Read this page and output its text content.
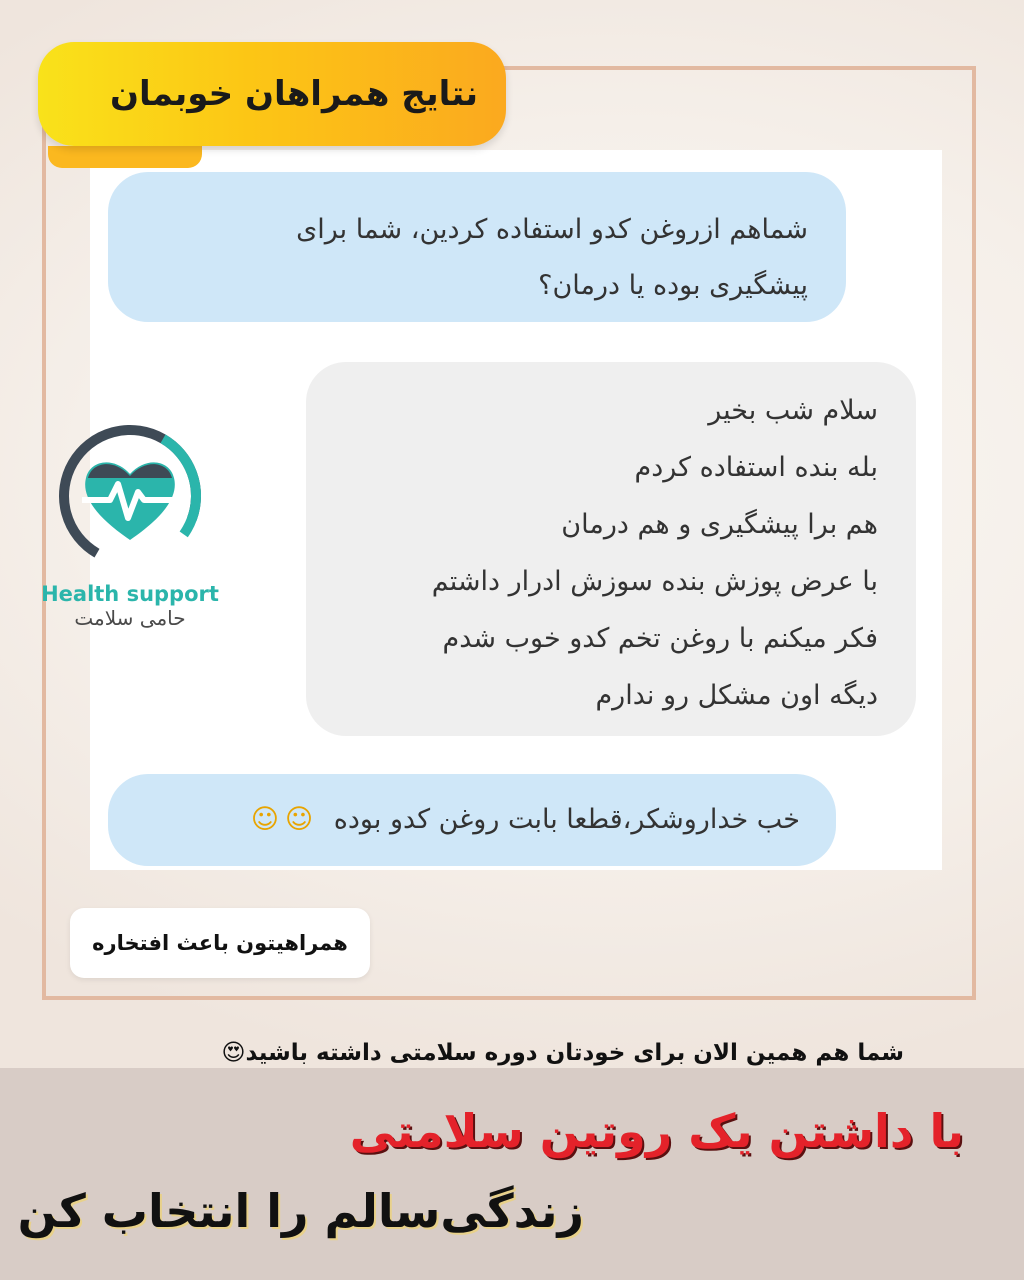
نتایج همراهان خوبمان
شماهم ازروغن کدو استفاده کردین، شما برای
پیشگیری بوده یا درمان؟
سلام شب بخیر
بله بنده استفاده کردم
هم برا پیشگیری و هم درمان
با عرض پوزش بنده سوزش ادرار داشتم
فکر میکنم با روغن تخم کدو خوب شدم
دیگه اون مشکل رو ندارم
خب خداروشکر،قطعا بابت روغن کدو بوده ☺☺
Health support
حامی سلامت
همراهیتون باعث افتخاره
شما هم همین الان برای خودتان دوره سلامتی داشته باشید😍
با داشتن یک روتین سلامتی
زندگی‌سالم را انتخاب کن
